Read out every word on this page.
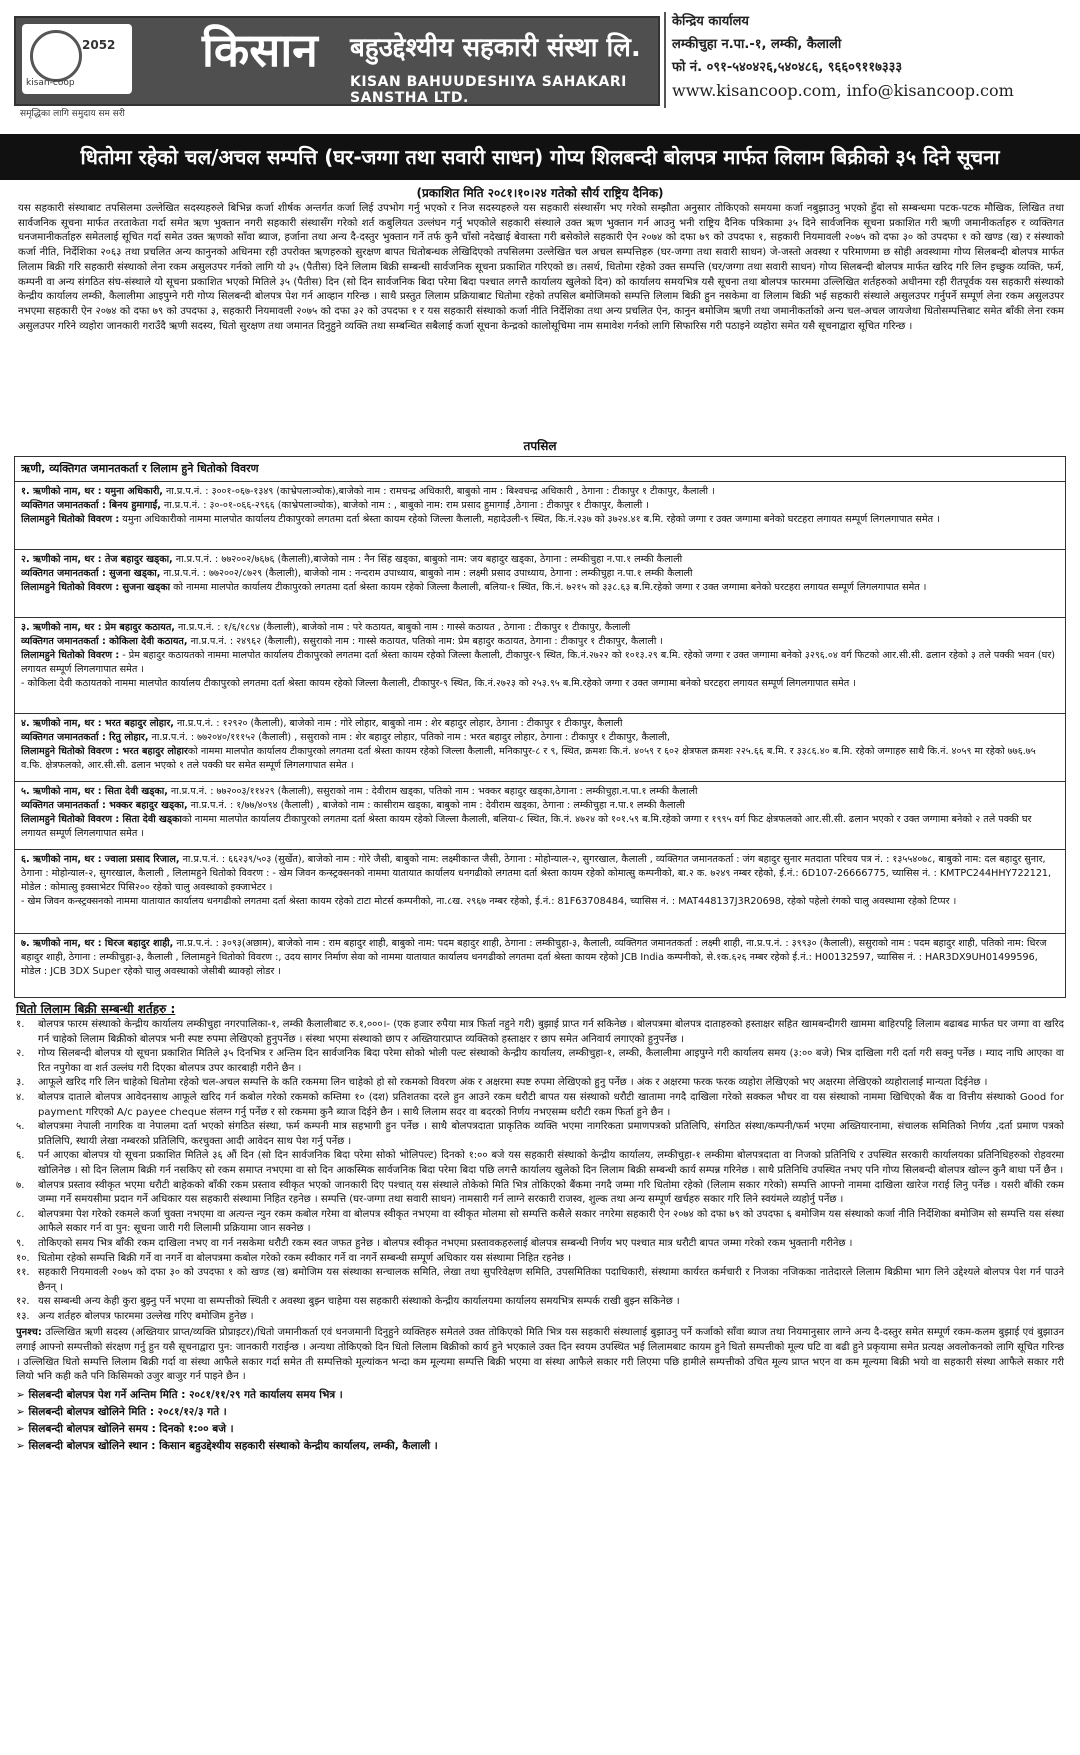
2052
kisan-coop
किसान बहुउद्देश्यीय सहकारी संस्था लि.
KISAN BAHUUDESHIYA SAHAKARI SANSTHA LTD.
समृद्धिका लागि समुदाय सम सरी
केन्द्रिय कार्यालय
लम्कीचुहा न.पा.-१, लम्की, कैलाली
फो नं. ०९१-५४०४२६,५४०४८६, ९६६०९११७३३३
www.kisancoop.com, info@kisancoop.com
धितोमा रहेको चल/अचल सम्पत्ति (घर-जग्गा तथा सवारी साधन) गोप्य शिलबन्दी बोलपत्र मार्फत लिलाम बिक्रीको ३५ दिने सूचना
(प्रकाशित मिति २०८१।१०।२४ गतेको सौर्य राष्ट्रिय दैनिक)
यस सहकारी संस्थाबाट तपसिलमा उल्लेखित सदस्यहरुले बिभिन्न कर्जा शीर्षक अन्तर्गत कर्जा लिई उपभोग गर्नु भएको र निज सदस्यहरुले यस सहकारी संस्थासँग भए गरेको सम्झौता अनुसार तोकिएको समयमा कर्जा नबुझाउनु भएको हुँदा सो सम्बन्धमा पटक-पटक मौखिक, लिखित तथा सार्वजनिक सूचना मार्फत तरताकेता गर्दा समेत ऋण भुक्तान नगरी सहकारी संस्थासँग गरेको शर्त कबुलियत उल्लंघन गर्नु भएकोले सहकारी संस्थाले उक्त ऋण भुक्तान गर्न आउनु भनी राष्ट्रिय दैनिक पत्रिकामा ३५ दिने सार्वजनिक सूचना प्रकाशित गरी ऋणी जमानीकर्ताहरु र व्यक्तिगत धनजमानीकर्ताहरु समेतलाई सूचित गर्दा समेत उक्त ऋणको साँवा ब्याज, हर्जाना तथा अन्य दै-दस्तुर भुक्तान गर्ने तर्फ कुनै चाँसो नदेखाई बेवास्ता गरी बसेकोले सहकारी ऐन २०७४ को दफा ७९ को उपदफा १, सहकारी नियमावली २०७५ को दफा ३० को उपदफा १ को खण्ड (ख) र संस्थाको कर्जा नीति, निर्देशिका २०६३ तथा प्रचलित अन्य कानुनको अधिनमा रही उपरोक्त ऋणहरुको सुरक्षण बापत धितोबन्धक लेखिदिएको तपसिलमा उल्लेखित चल अचल सम्पत्तिहरु (घर-जग्गा तथा सवारी साधन) जे-जस्तो अवस्था र परिमाणमा छ सोही अवस्थामा गोप्य सिलबन्दी बोलपत्र मार्फत लिलाम बिक्री गरि सहकारी संस्थाको लेना रकम असुलउपर गर्नको लागि यो ३५ (पैतीस) दिने लिलाम बिक्री सम्बन्धी सार्वजनिक सूचना प्रकाशित गरिएको छ। तसर्थ, धितोमा रहेको उक्त सम्पत्ति (घर/जग्गा तथा सवारी साधन) गोप्य सिलबन्दी बोलपत्र मार्फत खरिद गरि लिन इच्छुक व्यक्ति, फर्म, कम्पनी वा अन्य संगठित संघ-संस्थाले यो सूचना प्रकाशित भएको मितिले ३५ (पैतीस) दिन (सो दिन सार्वजनिक बिदा परेमा बिदा पश्चात लगत्तै कार्यालय खुलेको दिन) को कार्यालय समयभित्र यसै सूचना तथा बोलपत्र फारममा उल्लिखित शर्तहरुको अधीनमा रही रीतपूर्वक यस सहकारी संस्थाको केन्द्रीय कार्यालय लम्की, कैलालीमा आइपुग्ने गरी गोप्य सिलबन्दी बोलपत्र पेश गर्न आव्हान गरिन्छ । साथै प्रस्तुत लिलाम प्रक्रियाबाट धितोमा रहेको तपसिल बमोजिमको सम्पत्ति लिलाम बिक्री हुन नसकेमा वा लिलाम बिक्री भई सहकारी संस्थाले असुलउपर गर्नुपर्ने सम्पूर्ण लेना रकम असुलउपर नभएमा सहकारी ऐन २०७४ को दफा ७९ को उपदफा ३, सहकारी नियमावली २०७५ को दफा ३२ को उपदफा १ र यस सहकारी संस्थाको कर्जा नीति निर्देशिका तथा अन्य प्रचलित ऐन, कानुन बमोजिम ऋणी तथा जमानीकर्ताको अन्य चल-अचल जायजेथा धितोसम्पत्तिबाट समेत बाँकी लेना रकम असुलउपर गरिने व्यहोरा जानकारी गराउँदै ऋणी सदस्य, धितो सुरक्षण तथा जमानत दिनुहुने व्यक्ति तथा सम्बन्धित सबैलाई कर्जा सूचना केन्द्रको कालोसूचिमा नाम समावेश गर्नको लागि सिफारिस गरी पठाइने व्यहोरा समेत यसै सूचनाद्वारा सूचित गरिन्छ ।
तपसिल
ऋणी, व्यक्तिगत जमानतकर्ता र लिलाम हुने धितोको विवरण
१. ऋणीको नाम, थर : यमुना अधिकारी, ना.प्र.प.नं. : ३००१-०६७-१३४९ (काभ्रेपलाञ्चोक),बाजेको नाम : रामचन्द्र अधिकारी, बाबुको नाम : बिश्वचन्द्र अधिकारी , ठेगाना : टीकापुर १ टीकापुर, कैलाली ।
व्यक्तिगत जमानतकर्ता : बिनय हुमागाईं, ना.प्र.प.नं. : ३०-०१-०६६-२९६६ (काभ्रेपलाञ्चोक), बाजेको नाम : , बाबुको नाम: राम प्रसाद हुमागाईं ,ठेगाना : टीकापुर १ टीकापुर, कैलाली ।
लिलामहुने धितोको विवरण : यमुना अधिकारीको नाममा मालपोत कार्यालय टीकापुरको लगतमा दर्ता श्रेस्ता कायम रहेको जिल्ला कैलाली, महादेउली-९ स्थित, कि.नं.२३७ को ३७२४.४१ ब.मि. रहेको जग्गा र उक्त जग्गामा बनेको घरटहरा लगायत सम्पूर्ण लिगलगापात समेत ।
२. ऋणीको नाम, थर : तेज बहादुर खड्का, ना.प्र.प.नं. : ७७२००२/७६७६ (कैलाली),बाजेको नाम : नैन सिंह खड्का, बाबुको नाम: जय बहादुर खड्का, ठेगाना : लम्कीचुहा न.पा.१ लम्की कैलाली
व्यक्तिगत जमानतकर्ता : सुजना खड्का, ना.प्र.प.नं. : ७७२००२/८७२९ (कैलाली), बाजेको नाम : नन्दराम उपाध्याय, बाबुको नाम : लक्ष्मी प्रसाद उपाध्याय, ठेगाना : लम्कीचुहा न.पा.१ लम्की कैलाली
लिलामहुने धितोको विवरण : सुजना खड्का को नाममा मालपोत कार्यालय टीकापुरको लगतमा दर्ता श्रेस्ता कायम रहेको जिल्ला कैलाली, बलिया-१ स्थित, कि.नं. ७२१५ को ३३८.६३ ब.मि.रहेको जग्गा र उक्त जग्गामा बनेको घरटहरा लगायत सम्पूर्ण लिगलगापात समेत ।
३. ऋणीको नाम, थर : प्रेम बहादुर कठायत, ना.प्र.प.नं. : १/६/१८९४ (कैलाली), बाजेको नाम : परे कठायत, बाबुको नाम : गास्से कठायत , ठेगाना : टीकापुर १ टीकापुर, कैलाली
व्यक्तिगत जमानतकर्ता : कोकिला देवी कठायत, ना.प्र.प.नं. : २४९६२ (कैलाली), ससुराको नाम : गास्से कठायत, पतिको नाम: प्रेम बहादुर कठायत, ठेगाना : टीकापुर १ टीकापुर, कैलाली ।
लिलामहुने धितोको विवरण : - प्रेम बहादुर कठायतको नाममा मालपोत कार्यालय टीकापुरको लगतमा दर्ता श्रेस्ता कायम रहेको जिल्ला कैलाली, टीकापुर-९ स्थित, कि.नं.२७२२ को १०१३.२९ ब.मि. रहेको जग्गा र उक्त जग्गामा बनेको ३२९६.०४ वर्ग फिटको आर.सी.सी. ढलान रहेको ३ तले पक्की भवन (घर) लगायत सम्पूर्ण लिगलगापात समेत ।
- कोकिला देवी कठायतको नाममा मालपोत कार्यालय टीकापुरको लगतमा दर्ता श्रेस्ता कायम रहेको जिल्ला कैलाली, टीकापुर-९ स्थित, कि.नं.२७२३ को २५३.९५ ब.मि.रहेको जग्गा र उक्त जग्गामा बनेको घरटहरा लगायत सम्पूर्ण लिगलगापात समेत ।
४. ऋणीको नाम, थर : भरत बहादुर लोहार, ना.प्र.प.नं. : १२९२० (कैलाली), बाजेको नाम : गोरे लोहार, बाबुको नाम : शेर बहादुर लोहार, ठेगाना : टीकापुर १ टीकापुर, कैलाली
व्यक्तिगत जमानतकर्ता : रितु लोहार, ना.प्र.प.नं. : ७७२०४०/१११५२ (कैलाली) , ससुराको नाम : शेर बहादुर लोहार, पतिको नाम : भरत बहादुर लोहार, ठेगाना : टीकापुर १ टीकापुर, कैलाली,
लिलामहुने धितोको विवरण : भरत बहादुर लोहारको नाममा मालपोत कार्यालय टीकापुरको लगतमा दर्ता श्रेस्ता कायम रहेको जिल्ला कैलाली, मनिकापुर-८ र ९, स्थित, क्रमशः कि.नं. ४०५९ र ६०२ क्षेत्रफल क्रमशः २२५.६६ ब.मि. र ३३८६.४० ब.मि. रहेको जग्गाहरु साथै कि.नं. ४०५९ मा रहेको ७७६.७५ व.फि. क्षेत्रफलको, आर.सी.सी. ढलान भएको १ तले पक्की घर समेत सम्पूर्ण लिगलगापात समेत ।
५. ऋणीको नाम, थर : सिता देवी खड्का, ना.प्र.प.नं. : ७७२००३/११४२९ (कैलाली), ससुराको नाम : देवीराम खड्का, पतिको नाम : भक्कर बहादुर खड्का,ठेगाना : लम्कीचुहा.न.पा.१ लम्की कैलाली
व्यक्तिगत जमानतकर्ता : भक्कर बहादुर खड्का, ना.प्र.प.नं. : १/७७/४०९४ (कैलाली) , बाजेको नाम : कासीराम खड्का, बाबुको नाम : देवीराम खड्का, ठेगाना : लम्कीचुहा न.पा.१ लम्की कैलाली
लिलामहुने धितोको विवरण : सिता देवी खड्काको नाममा मालपोत कार्यालय टीकापुरको लगतमा दर्ता श्रेस्ता कायम रहेको जिल्ला कैलाली, बलिया-८ स्थित, कि.नं. ४७२४ को १०१.५९ ब.मि.रहेको जग्गा र १९९५ वर्ग फिट क्षेत्रफलको आर.सी.सी. ढलान भएको र उक्त जग्गामा बनेको २ तले पक्की घर लगायत सम्पूर्ण लिगलगापात समेत ।
६. ऋणीको नाम, थर : ज्वाला प्रसाद रिजाल, ना.प्र.प.नं. : ६६२३९/५०३ (सुर्खेत), बाजेको नाम : गोरे जैसी, बाबुको नाम: लक्ष्मीकान्त जैसी, ठेगाना : मोहोन्याल-२, सुगरखाल, कैलाली , व्यक्तिगत जमानतकर्ता : जंग बहादुर सुनार मतदाता परिचय पत्र नं. : १३५५४०७८, बाबुको नाम: दल बहादुर सुनार, ठेगाना : मोहोन्याल-२, सुगरखाल, कैलाली , लिलामहुने धितोको विवरण : - खेम जिवन कन्स्ट्रक्सनको नाममा यातायात कार्यालय धनगढीको लगतमा दर्ता श्रेस्ता कायम रहेको कोमात्सु कम्पनीको, बा.२ क. ७२४९ नम्बर रहेको, ई.नं.: 6D107-26666775, च्यासिस नं. : KMTPC244HHY722121, मोडेल : कोमात्सु इक्साभेटर पिसि२०० रहेको चालु अवस्थाको इक्जाभेटर ।
- खेम जिवन कन्स्ट्रक्सनको नाममा यातायात कार्यालय धनगढीको लगतमा दर्ता श्रेस्ता कायम रहेको टाटा मोटर्स कम्पनीको, ना.८ख. २९६७ नम्बर रहेको, ई.नं.: 81F63708484, च्यासिस नं. : MAT448137J3R20698, रहेको पहेलो रंगको चालु अवस्थामा रहेको टिप्पर ।
७. ऋणीको नाम, थर : धिरज बहादुर शाही, ना.प्र.प.नं. : ३०९३(अछाम), बाजेको नाम : राम बहादुर शाही, बाबुको नाम: पदम बहादुर शाही, ठेगाना : लम्कीचुहा-३, कैलाली, व्यक्तिगत जमानतकर्ता : लक्ष्मी शाही, ना.प्र.प.नं. : ३९९३० (कैलाली), ससुराको नाम : पदम बहादुर शाही, पतिको नाम: धिरज बहादुर शाही, ठेगाना : लम्कीचुहा-३, कैलाली , लिलामहुने धितोको विवरण :, उदय सागर निर्माण सेवा को नाममा यातायात कार्यालय धनगढीको लगतमा दर्ता श्रेस्ता कायम रहेको JCB India कम्पनीको, से.१क.६२६ नम्बर रहेको ई.नं.: H00132597, च्यासिस नं. : HAR3DX9UH01499596, मोडेल : JCB 3DX Super रहेको चालु अवस्थाको जेसीबी ब्याक्हो लोडर ।
धितो लिलाम बिक्री सम्बन्धी शर्तहरु :
१.	बोलपत्र फारम संस्थाको केन्द्रीय कार्यालय लम्कीचुहा नगरपालिका-१, लम्की कैलालीबाट रु.१,०००।- (एक हजार रुपैया मात्र फिर्ता नहुने गरी) बुझाई प्राप्त गर्न सकिनेछ । बोलपत्रमा बोलपत्र दाताहरुको हस्ताक्षर सहित खामबन्दीगरी खाममा बाहिरपट्टि लिलाम बढाबढ मार्फत घर जग्गा वा खरिद गर्न चाहेको लिलाम बिक्रीको बोलपत्र भनी स्पष्ट रुपमा लेखिएको हुनुपर्नेछ । संस्था भएमा संस्थाको छाप र अख्तियारप्राप्त व्यक्तिको हस्ताक्षर र छाप समेत अनिवार्य लगाएको हुनुपर्नेछ ।
२.	गोप्य सिलबन्दी बोलपत्र यो सूचना प्रकाशित मितिले ३५ दिनभित्र र अन्तिम दिन सार्वजनिक बिदा परेमा सोको भोली पल्ट संस्थाको केन्द्रीय कार्यालय, लम्कीचुहा-१, लम्की, कैलालीमा आइपुग्ने गरी कार्यालय समय (३:०० बजे) भित्र दाखिला गरी दर्ता गरी सक्नु पर्नेछ । म्याद नाघि आएका वा रित नपुगेका वा शर्त उल्लंघ गरी दिएका बोलपत्र उपर कारबाही गरीने छैन ।
३.	आफूले खरिद गरि लिन चाहेको धितोमा रहेको चल-अचल सम्पत्ति के कति रकममा लिन चाहेको हो सो रकमको विवरण अंक र अक्षरमा स्पष्ट रुपमा लेखिएको हुनु पर्नेछ । अंक र अक्षरमा फरक फरक व्यहोरा लेखिएको भए अक्षरमा लेखिएको व्यहोरालाई मान्यता दिईनेछ ।
४.	बोलपत्र दाताले बोलपत्र आवेदनसाथ आफूले खरिद गर्न कबोल गरेको रकमको कम्तिमा १० (दश) प्रतिशतका दरले हुन आउने रकम धरौटी बापत यस संस्थाको धरौटी खातामा नगदै दाखिला गरेको सक्कल भौचर वा यस संस्थाको नाममा खिचिएको बैंक वा वित्तीय संस्थाको Good for payment गरिएको A/c payee cheque संलग्न गर्नु पर्नेछ र सो रकममा कुनै ब्याज दिईने छैन । साथै लिलाम सदर वा बदरको निर्णय नभएसम्म धरौटी रकम फिर्ता हुने छैन ।
५.	बोलपत्रमा नेपाली नागरिक वा नेपालमा दर्ता भएको संगठित संस्था, फर्म कम्पनी मात्र सहभागी हुन पर्नेछ । साथै बोलपत्रदाता प्राकृतिक व्यक्ति भएमा नागरिकता प्रमाणपत्रको प्रतिलिपि, संगठित संस्था/कम्पनी/फर्म भएमा अख्तियारनामा, संचालक समितिको निर्णय ,दर्ता प्रमाण पत्रको प्रतिलिपि, स्थायी लेखा नम्बरको प्रतिलिपि, करचुक्ता आदी आवेदन साथ पेश गर्नु पर्नेछ ।
६.	पर्न आएका बोलपत्र यो सूचना प्रकाशित मितिले ३६ औं दिन (सो दिन सार्वजनिक बिदा परेमा सोको भोलिपल्ट) दिनको १:०० बजे यस सहकारी संस्थाको केन्द्रीय कार्यालय, लम्कीचुहा-१ लम्कीमा बोलपत्रदाता वा निजको प्रतिनिधि र उपस्थित सरकारी कार्यालयका प्रतिनिधिहरुको रोहवरमा खोलिनेछ । सो दिन लिलाम बिक्री गर्न नसकिए सो रकम समाप्त नभएमा वा सो दिन आकस्मिक सार्वजनिक बिदा परेमा बिदा पछि लगत्तै कार्यालय खुलेको दिन लिलाम बिक्री सम्बन्धी कार्य सम्पन्न गरिनेछ । साथै प्रतिनिधि उपस्थित नभए पनि गोप्य सिलबन्दी बोलपत्र खोल्न कुनै बाधा पर्ने छैन ।
७.	बोलपत्र प्रस्ताव स्वीकृत भएमा धरौटी बाहेकको बाँकी रकम प्रस्ताव स्वीकृत भएको जानकारी दिए पश्चात् यस संस्थाले तोकेको मिति भित्र तोकिएको बैंकमा नगदै जम्मा गरि धितोमा रहेको (लिलाम सकार गरेको) सम्पत्ति आफ्नो नाममा दाखिला खारेज गराई लिनु पर्नेछ । यसरी बाँकी रकम जम्मा गर्ने समयसीमा प्रदान गर्ने अधिकार यस सहकारी संस्थामा निहित रहनेछ । सम्पत्ति (घर-जग्गा तथा सवारी साधन) नामसारी गर्न लाग्ने सरकारी राजस्व, शुल्क तथा अन्य सम्पूर्ण खर्चहरु सकार गरि लिने स्वयंमले व्यहोर्नु पर्नेछ ।
८.	बोलपत्रमा पेश गरेको रकमले कर्जा चुक्ता नभएमा वा अत्यन्त न्युन रकम कबोल गरेमा वा बोलपत्र स्वीकृत नभएमा वा स्वीकृत मोलमा सो सम्पत्ति कसैले सकार नगरेमा सहकारी ऐन २०७४ को दफा ७९ को उपदफा ६ बमोजिम यस संस्थाको कर्जा नीति निर्देशिका बमोजिम सो सम्पत्ति यस संस्था आफैले सकार गर्न वा पुन: सूचना जारी गरी लिलामी प्रक्रियामा जान सक्नेछ ।
९.	तोकिएको समय भित्र बाँकी रकम दाखिला नभए वा गर्न नसकेमा धरौटी रकम स्वत जफत हुनेछ । बोलपत्र स्वीकृत नभएमा प्रस्तावकहरुलाई बोलपत्र सम्बन्धी निर्णय भए पश्चात मात्र धरौटी बापत जम्मा गरेको रकम भुक्तानी गरीनेछ ।
१०. धितोमा रहेको सम्पत्ति बिक्री गर्ने वा नगर्ने वा बोलपत्रमा कबोल गरेको रकम स्वीकार गर्ने वा नगर्ने सम्बन्धी सम्पूर्ण अधिकार यस संस्थामा निहित रहनेछ ।
११. सहकारी नियमावली २०७५ को दफा ३० को उपदफा १ को खण्ड (ख) बमोजिम यस संस्थाका सन्चालक समिति, लेखा तथा सुपरिवेक्षण समिति, उपसमितिका पदाधिकारी, संस्थामा कार्यरत कर्मचारी र निजका नजिकका नातेदारले लिलाम बिक्रीमा भाग लिने उद्देश्यले बोलपत्र पेश गर्न पाउने छैनन् ।
१२. यस सम्बन्धी अन्य केही कुरा बुझ्नु पर्ने भएमा वा सम्पत्तीको स्थिती र अवस्था बुझ्न चाहेमा यस सहकारी संस्थाको केन्द्रीय कार्यालयमा कार्यालय समयभित्र सम्पर्क राखी बुझ्न सकिनेछ ।
१३. अन्य शर्तहरु बोलपत्र फारममा उल्लेख गरिए बमोजिम हुनेछ ।
पुनश्च: उल्लिखित ऋणी सदस्य (अख्तियार प्राप्त/व्यक्ति प्रोप्राइटर)/धितो जमानीकर्ता एवं धनजमानी दिनुहुने व्यक्तिहरु समेतले उक्त तोकिएको मिति भित्र यस सहकारी संस्थालाई बुझाउनु पर्ने कर्जाको साँवा ब्याज तथा नियमानुसार लाग्ने अन्य दै-दस्तुर समेत सम्पूर्ण रकम-कलम बुझाई एवं बुझाउन लगाई आफ्नो सम्पत्तीको संरक्षण गर्नु हुन यसै सूचनाद्वारा पुन: जानकारी गराईन्छ । अन्यथा तोकिएको दिन धितो लिलाम बिक्रीको कार्य हुने भएकाले उक्त दिन स्वयम उपस्थित भई लिलामबाट कायम हुने धितो सम्पत्तीको मूल्य घटि वा बढी हुने प्रकृयामा समेत प्रत्यक्ष अवलोकनको लागि सूचित गरिन्छ । उल्लिखित धितो सम्पत्ति लिलाम बिक्री गर्दा वा संस्था आफैले सकार गर्दा समेत ती सम्पत्तिको मूल्यांकन भन्दा कम मूल्यमा सम्पत्ति बिक्री भएमा वा संस्था आफैले सकार गरी लिएमा पछि हामीले सम्पत्तीको उचित मूल्य प्राप्त भएन वा कम मूल्यमा बिक्री भयो वा सहकारी संस्था आफैले सकार गरी लियो भनि कही कतै पनि किसिमको उजुर बाजुर गर्न पाइने छैन ।
➢ सिलबन्दी बोलपत्र पेश गर्ने अन्तिम मिति : २०८१/११/२९ गते कार्यालय समय भित्र ।
➢ सिलबन्दी बोलपत्र खोलिने मिति : २०८१/१२/३ गते ।
➢ सिलबन्दी बोलपत्र खोलिने समय : दिनको १:०० बजे ।
➢ सिलबन्दी बोलपत्र खोलिने स्थान : किसान बहुउद्देश्यीय सहकारी संस्थाको केन्द्रीय कार्यालय, लम्की, कैलाली ।
